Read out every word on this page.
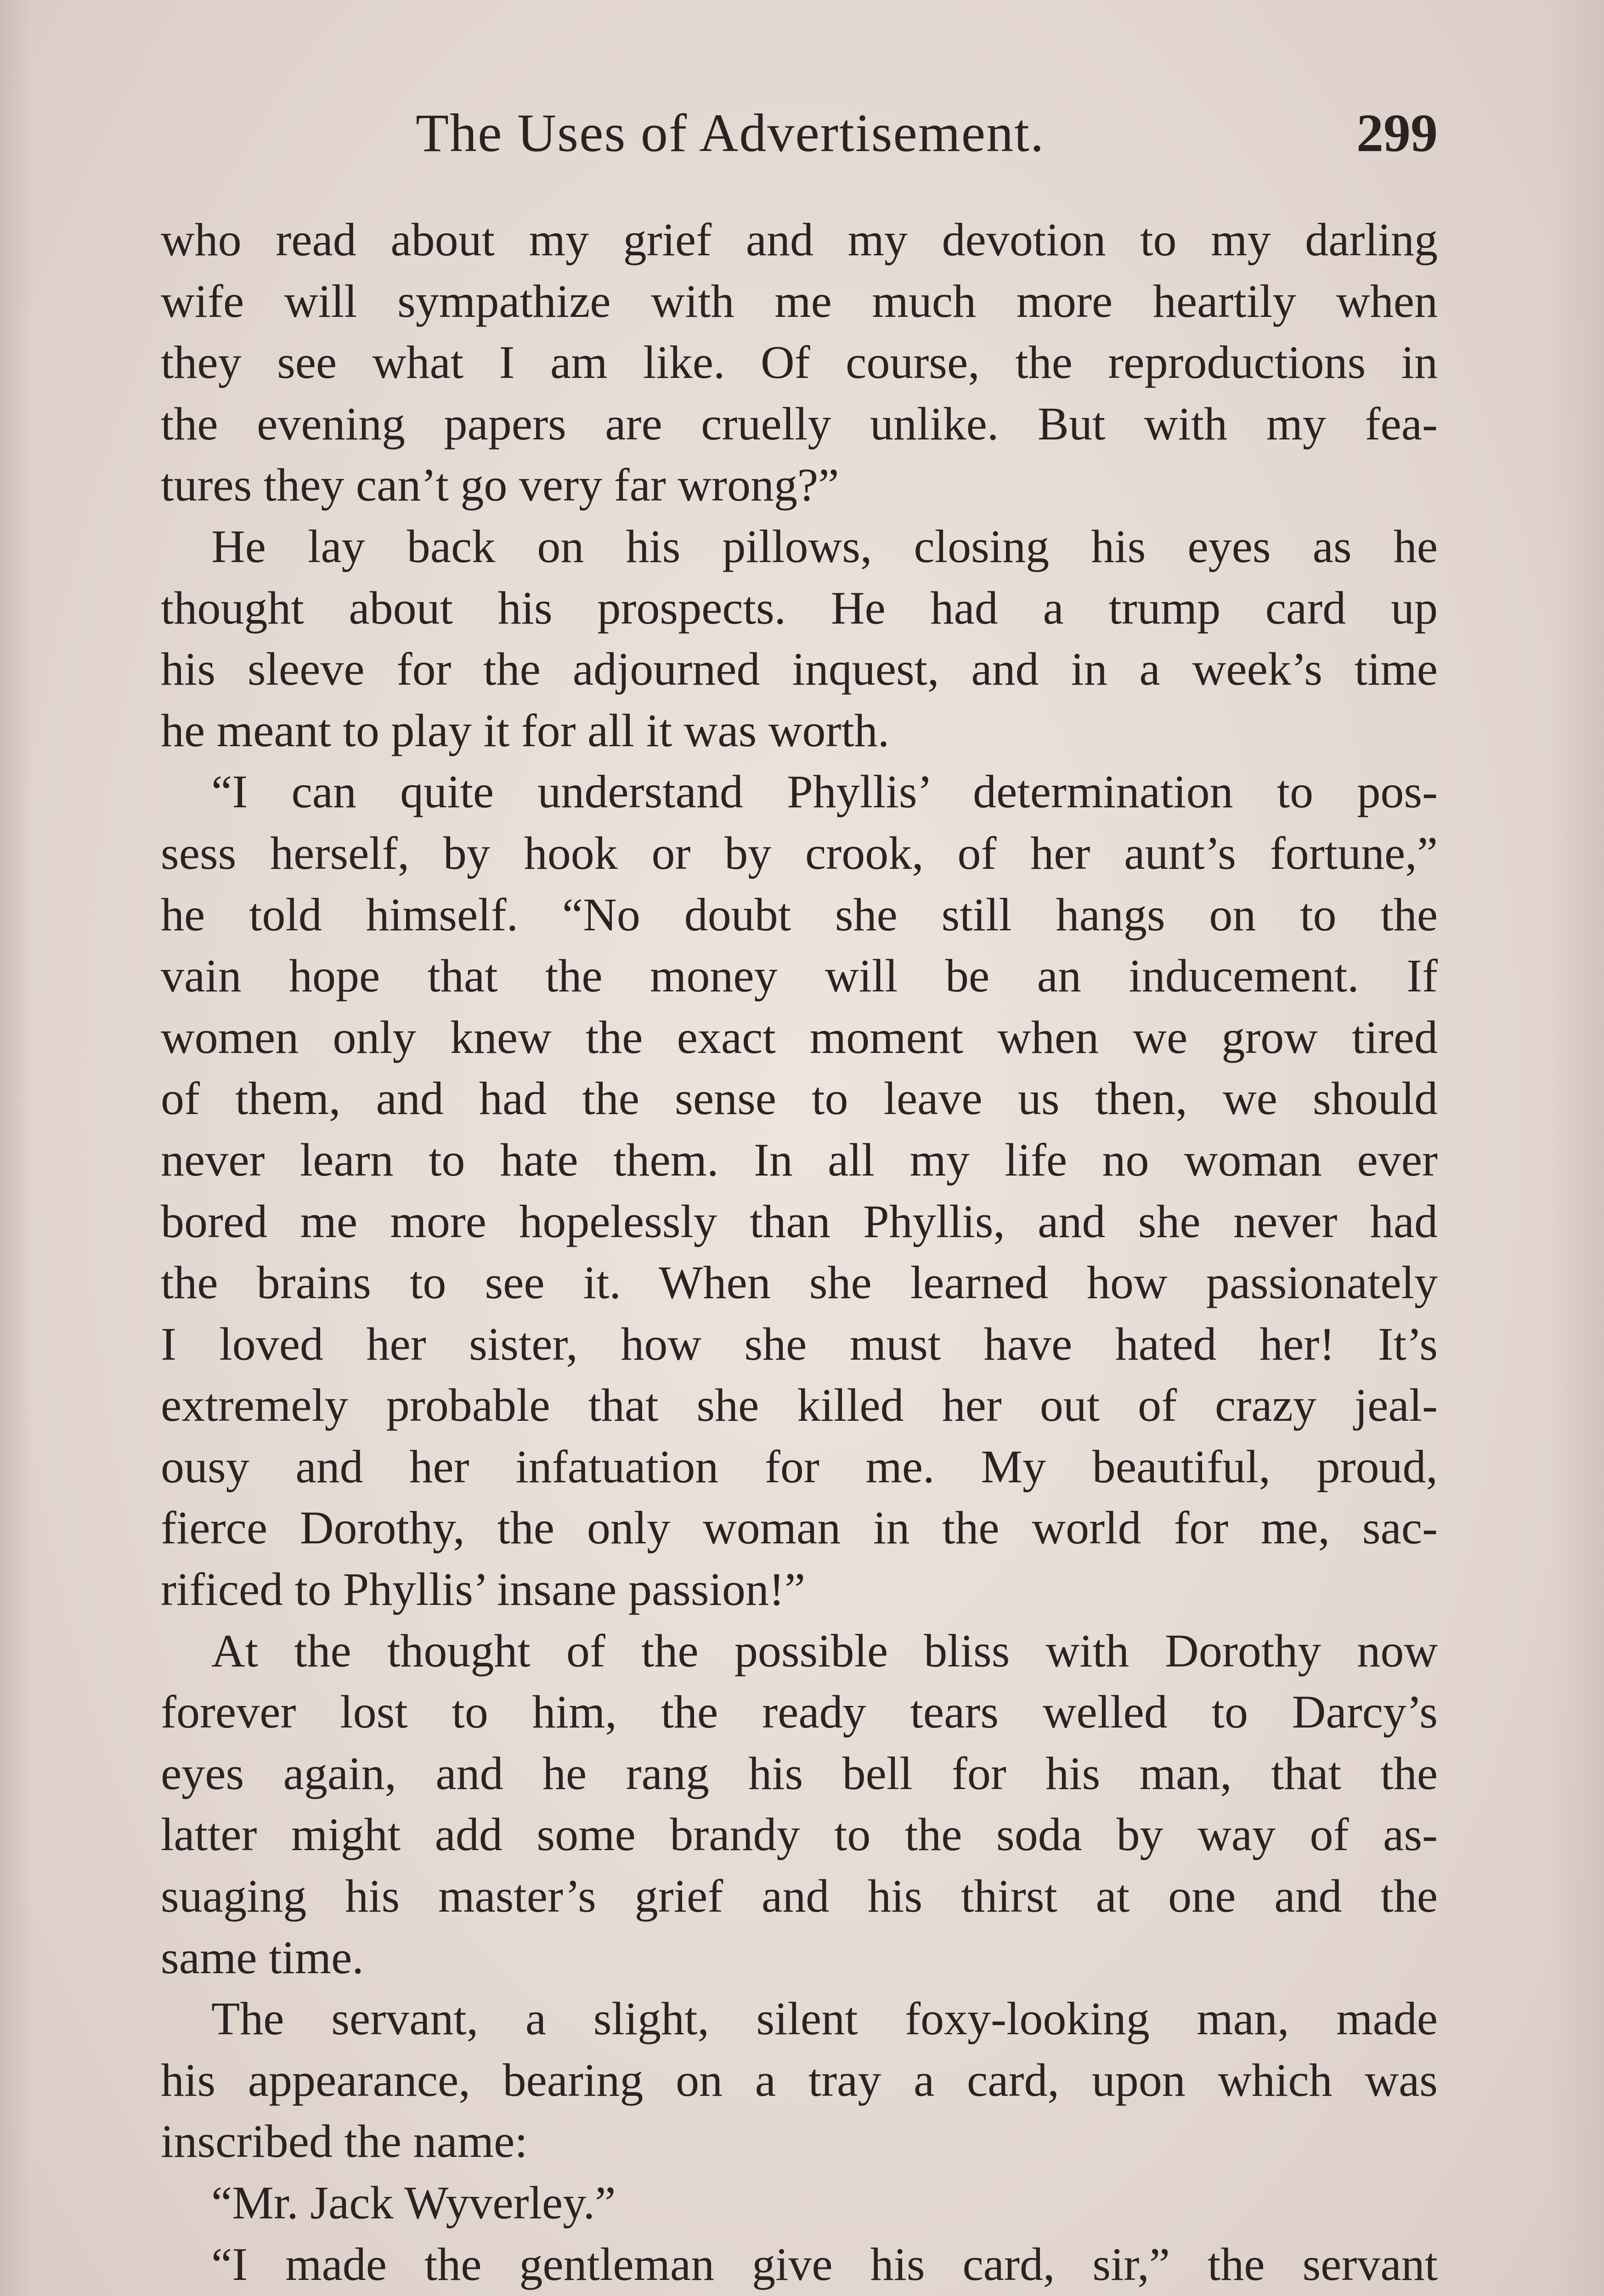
The Uses of Advertisement.	299
who read about my grief and my devotion to my darling
wife will sympathize with me much more heartily when
they see what I am like. Of course, the reproductions in
the evening papers are cruelly unlike. But with my fea-
tures they can’t go very far wrong?”
He lay back on his pillows, closing his eyes as he
thought about his prospects. He had a trump card up
his sleeve for the adjourned inquest, and in a week’s time
he meant to play it for all it was worth.
“I can quite understand Phyllis’ determination to pos-
sess herself, by hook or by crook, of her aunt’s fortune,”
he told himself. “No doubt she still hangs on to the
vain hope that the money will be an inducement. If
women only knew the exact moment when we grow tired
of them, and had the sense to leave us then, we should
never learn to hate them. In all my life no woman ever
bored me more hopelessly than Phyllis, and she never had
the brains to see it. When she learned how passionately
I loved her sister, how she must have hated her! It’s
extremely probable that she killed her out of crazy jeal-
ousy and her infatuation for me. My beautiful, proud,
fierce Dorothy, the only woman in the world for me, sac-
rificed to Phyllis’ insane passion!”
At the thought of the possible bliss with Dorothy now
forever lost to him, the ready tears welled to Darcy’s
eyes again, and he rang his bell for his man, that the
latter might add some brandy to the soda by way of as-
suaging his master’s grief and his thirst at one and the
same time.
The servant, a slight, silent foxy-looking man, made
his appearance, bearing on a tray a card, upon which was
inscribed the name:
“Mr. Jack Wyverley.”
“I made the gentleman give his card, sir,” the servant
